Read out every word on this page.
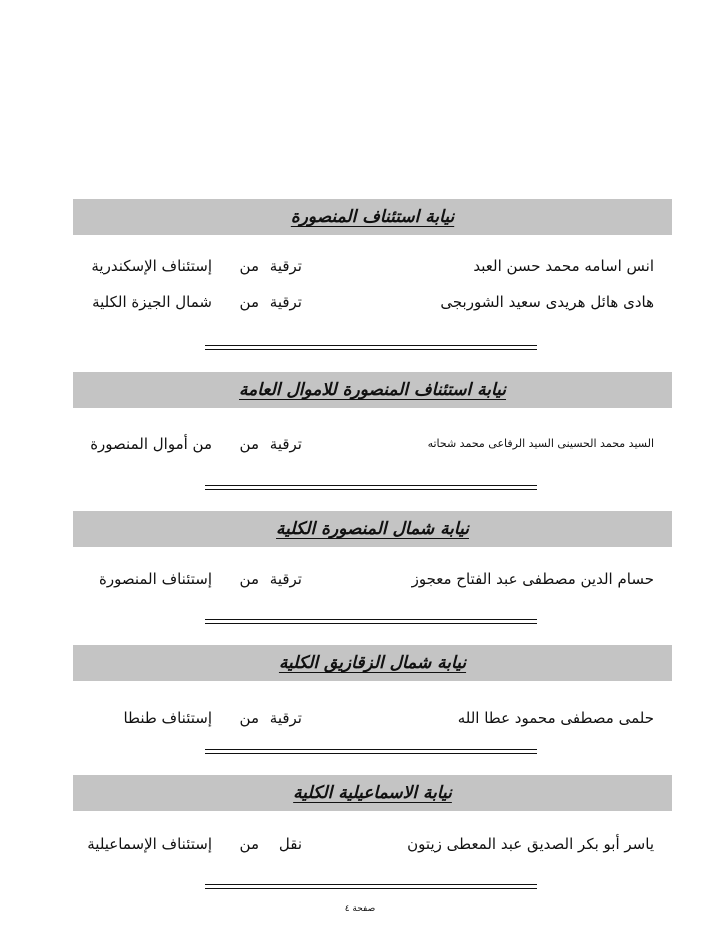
نيابة استئناف المنصورة
انس اسامه محمد حسن العبد
ترقية
من
إستئناف الإسكندرية
هادى هائل هريدى سعيد الشوربجى
ترقية
من
شمال الجيزة الكلية
نيابة استئناف المنصورة للاموال العامة
السيد محمد الحسينى السيد الرفاعى محمد شحاته
ترقية
من
من أموال المنصورة
نيابة شمال المنصورة الكلية
حسام الدين مصطفى عبد الفتاح معجوز
ترقية
من
إستئناف المنصورة
نيابة شمال الزقازيق الكلية
حلمى مصطفى محمود عطا الله
ترقية
من
إستئناف طنطا
نيابة الاسماعيلية الكلية
ياسر أبو بكر الصديق عبد المعطى زيتون
نقل
من
إستئناف الإسماعيلية
صفحة ٤
